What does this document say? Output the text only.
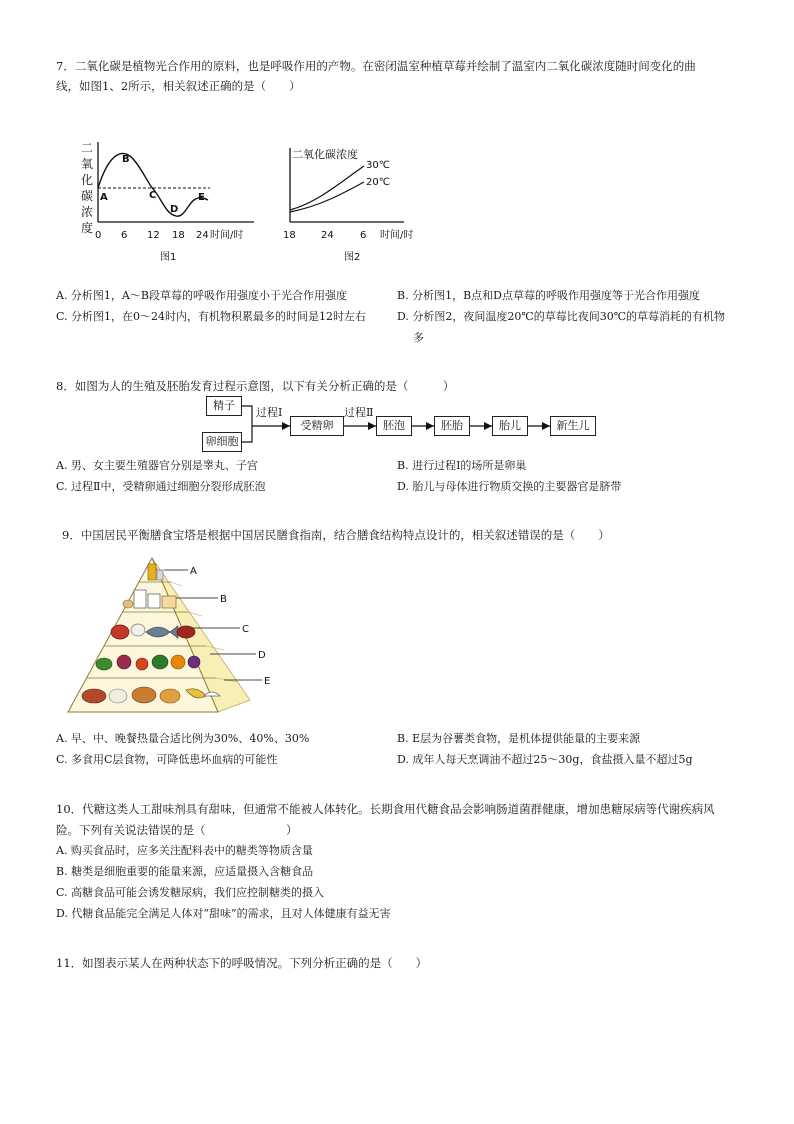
7．二氧化碳是植物光合作用的原料，也是呼吸作用的产物。在密闭温室种植草莓并绘制了温室内二氧化碳浓度随时间变化的曲
线，如图1、2所示，相关叙述正确的是（　　）
二
氧
化
碳
浓
度
A
B
C
D
E
0 6 12 18 24 时间/时
图1
二氧化碳浓度
30℃
20℃
18	24	6 时间/时
图2
A. 分析图1，A～B段草莓的呼吸作用强度小于光合作用强度	B. 分析图1，B点和D点草莓的呼吸作用强度等于光合作用强度
C. 分析图1，在0～24时内，有机物积累最多的时间是12时左右	D. 分析图2，夜间温度20℃的草莓比夜间30℃的草莓消耗的有机物
多
8．如图为人的生殖及胚胎发育过程示意图，以下有关分析正确的是（　　　）
精子
卵细胞
过程Ⅰ
受精卵
过程Ⅱ
胚泡	胚胎	胎儿	新生儿
A. 男、女主要生殖器官分别是睾丸、子宫	B. 进行过程Ⅰ的场所是卵巢
C. 过程Ⅱ中，受精卵通过细胞分裂形成胚泡	D. 胎儿与母体进行物质交换的主要器官是脐带
9．中国居民平衡膳食宝塔是根据中国居民膳食指南，结合膳食结构特点设计的，相关叙述错误的是（　　）
A
B
C
D
E
A. 早、中、晚餐热量合适比例为30%、40%、30%	B. E层为谷薯类食物，是机体提供能量的主要来源
C. 多食用C层食物，可降低患坏血病的可能性	D. 成年人每天烹调油不超过25～30g，食盐摄入量不超过5g
10．代糖这类人工甜味剂具有甜味，但通常不能被人体转化。长期食用代糖食品会影响肠道菌群健康，增加患糖尿病等代谢疾病风
险。下列有关说法错误的是（　　　　　　　）
A. 购买食品时，应多关注配料表中的糖类等物质含量
B. 糖类是细胞重要的能量来源，应适量摄入含糖食品
C. 高糖食品可能会诱发糖尿病，我们应控制糖类的摄入
D. 代糖食品能完全满足人体对“甜味”的需求，且对人体健康有益无害
11．如图表示某人在两种状态下的呼吸情况。下列分析正确的是（　　）
